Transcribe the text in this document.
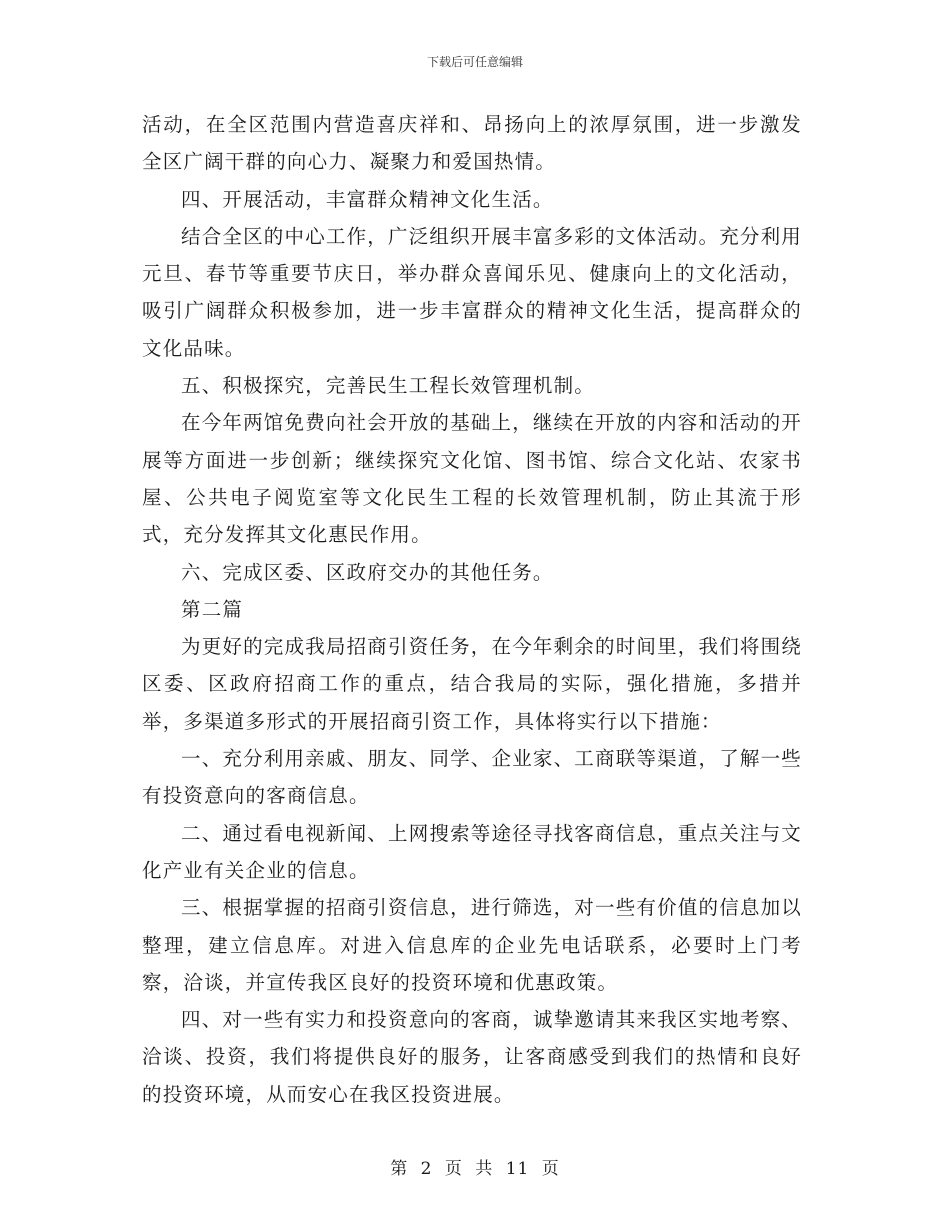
下载后可任意编辑

活动，在全区范围内营造喜庆祥和、昂扬向上的浓厚氛围，进一步激发全区广阔干群的向心力、凝聚力和爱国热情。

四、开展活动，丰富群众精神文化生活。

结合全区的中心工作，广泛组织开展丰富多彩的文体活动。充分利用元旦、春节等重要节庆日，举办群众喜闻乐见、健康向上的文化活动，吸引广阔群众积极参加，进一步丰富群众的精神文化生活，提高群众的文化品味。

五、积极探究，完善民生工程长效管理机制。

在今年两馆免费向社会开放的基础上，继续在开放的内容和活动的开展等方面进一步创新；继续探究文化馆、图书馆、综合文化站、农家书屋、公共电子阅览室等文化民生工程的长效管理机制，防止其流于形式，充分发挥其文化惠民作用。

六、完成区委、区政府交办的其他任务。

第二篇

为更好的完成我局招商引资任务，在今年剩余的时间里，我们将围绕区委、区政府招商工作的重点，结合我局的实际，强化措施，多措并举，多渠道多形式的开展招商引资工作，具体将实行以下措施：

一、充分利用亲戚、朋友、同学、企业家、工商联等渠道，了解一些有投资意向的客商信息。

二、通过看电视新闻、上网搜索等途径寻找客商信息，重点关注与文化产业有关企业的信息。

三、根据掌握的招商引资信息，进行筛选，对一些有价值的信息加以整理，建立信息库。对进入信息库的企业先电话联系，必要时上门考察，洽谈，并宣传我区良好的投资环境和优惠政策。

四、对一些有实力和投资意向的客商，诚挚邀请其来我区实地考察、洽谈、投资，我们将提供良好的服务，让客商感受到我们的热情和良好的投资环境，从而安心在我区投资进展。

第 2 页 共 11 页
